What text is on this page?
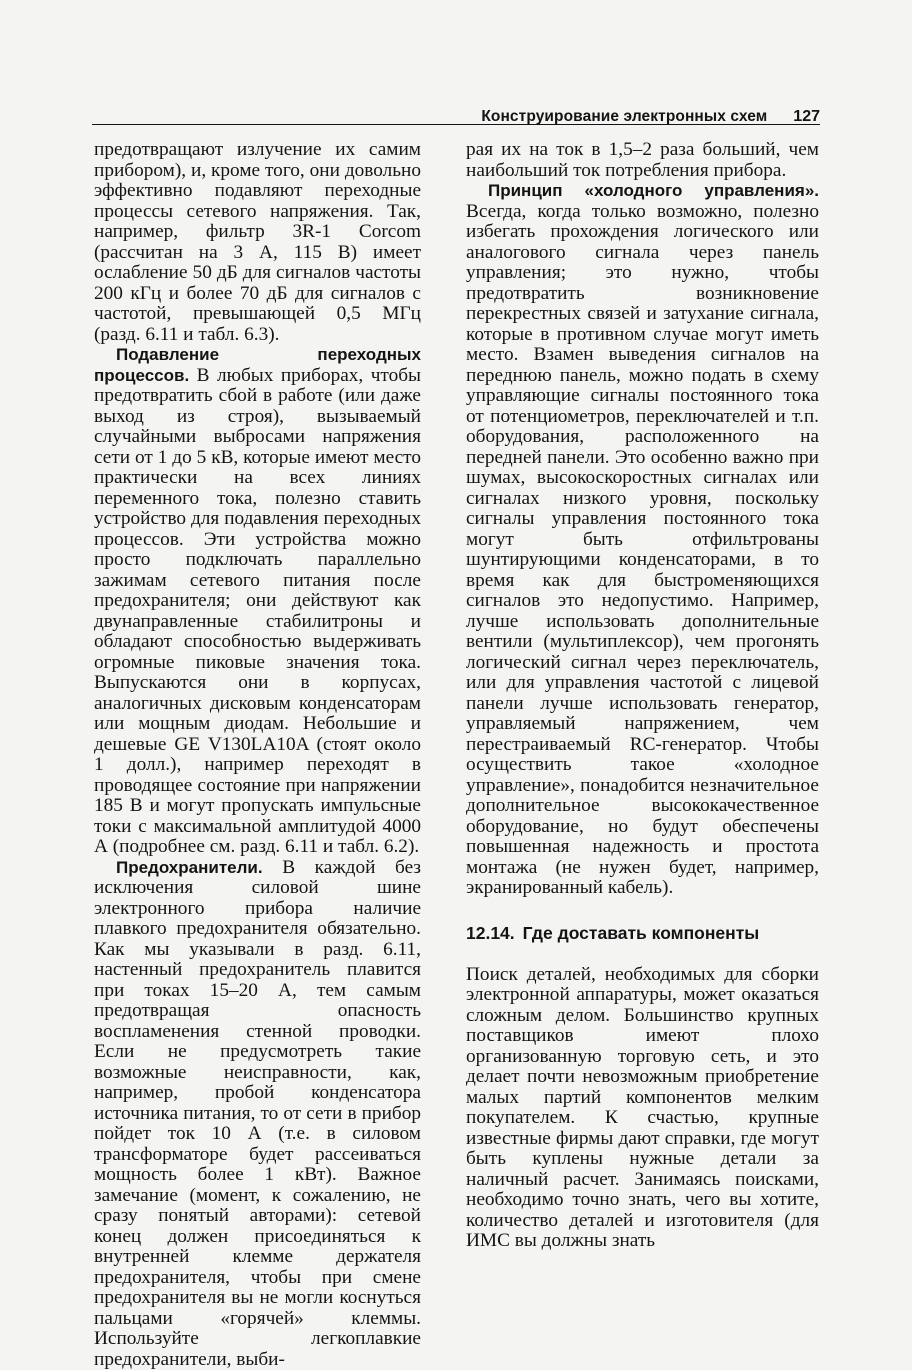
Конструирование электронных схем 127

предотвращают излучение их самим прибором), и, кроме того, они довольно эффективно подавляют переходные процессы сетевого напряжения. Так, например, фильтр 3R-1 Corcom (рассчитан на 3 А, 115 В) имеет ослабление 50 дБ для сигналов частоты 200 кГц и более 70 дБ для сигналов с частотой, превышающей 0,5 МГц (разд. 6.11 и табл. 6.3).

Подавление переходных процессов. В любых приборах, чтобы предотвратить сбой в работе (или даже выход из строя), вызываемый случайными выбросами напряжения сети от 1 до 5 кВ, которые имеют место практически на всех линиях переменного тока, полезно ставить устройство для подавления переходных процессов. Эти устройства можно просто подключать параллельно зажимам сетевого питания после предохранителя; они действуют как двунаправленные стабилитроны и обладают способностью выдерживать огромные пиковые значения тока. Выпускаются они в корпусах, аналогичных дисковым конденсаторам или мощным диодам. Небольшие и дешевые GE V130LA10A (стоят около 1 долл.), например переходят в проводящее состояние при напряжении 185 В и могут пропускать импульсные токи с максимальной амплитудой 4000 А (подробнее см. разд. 6.11 и табл. 6.2).

Предохранители. В каждой без исключения силовой шине электронного прибора наличие плавкого предохранителя обязательно. Как мы указывали в разд. 6.11, настенный предохранитель плавится при токах 15–20 А, тем самым предотвращая опасность воспламенения стенной проводки. Если не предусмотреть такие возможные неисправности, как, например, пробой конденсатора источника питания, то от сети в прибор пойдет ток 10 А (т.е. в силовом трансформаторе будет рассеиваться мощность более 1 кВт). Важное замечание (момент, к сожалению, не сразу понятый авторами): сетевой конец должен присоединяться к внутренней клемме держателя предохранителя, чтобы при смене предохранителя вы не могли коснуться пальцами «горячей» клеммы. Используйте легкоплавкие предохранители, выби-

рая их на ток в 1,5–2 раза больший, чем наибольший ток потребления прибора.

Принцип «холодного управления». Всегда, когда только возможно, полезно избегать прохождения логического или аналогового сигнала через панель управления; это нужно, чтобы предотвратить возникновение перекрестных связей и затухание сигнала, которые в противном случае могут иметь место. Взамен выведения сигналов на переднюю панель, можно подать в схему управляющие сигналы постоянного тока от потенциометров, переключателей и т.п. оборудования, расположенного на передней панели. Это особенно важно при шумах, высокоскоростных сигналах или сигналах низкого уровня, поскольку сигналы управления постоянного тока могут быть отфильтрованы шунтирующими конденсаторами, в то время как для быстроменяющихся сигналов это недопустимо. Например, лучше использовать дополнительные вентили (мультиплексор), чем прогонять логический сигнал через переключатель, или для управления частотой с лицевой панели лучше использовать генератор, управляемый напряжением, чем перестраиваемый RC-генератор. Чтобы осуществить такое «холодное управление», понадобится незначительное дополнительное высококачественное оборудование, но будут обеспечены повышенная надежность и простота монтажа (не нужен будет, например, экранированный кабель).

12.14. Где доставать компоненты

Поиск деталей, необходимых для сборки электронной аппаратуры, может оказаться сложным делом. Большинство крупных поставщиков имеют плохо организованную торговую сеть, и это делает почти невозможным приобретение малых партий компонентов мелким покупателем. К счастью, крупные известные фирмы дают справки, где могут быть куплены нужные детали за наличный расчет. Занимаясь поисками, необходимо точно знать, чего вы хотите, количество деталей и изготовителя (для ИМС вы должны знать
